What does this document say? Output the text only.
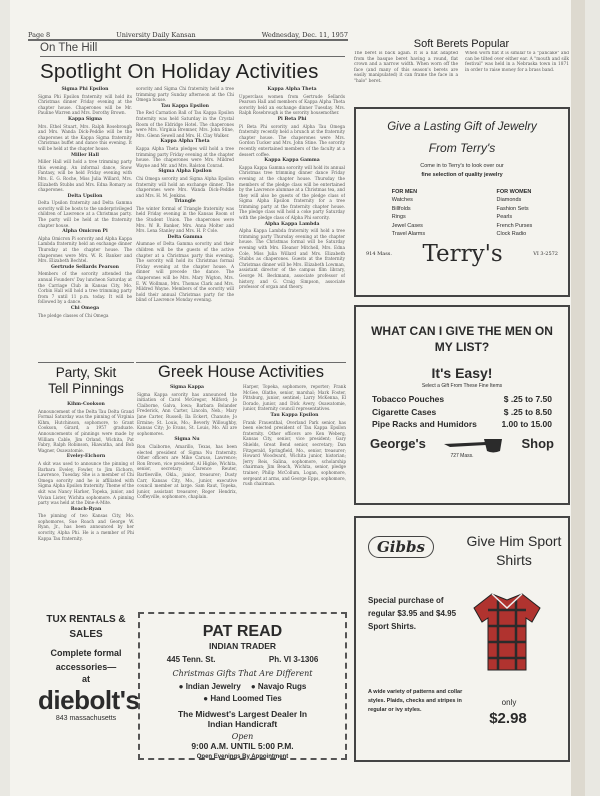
Page 8	University Daily Kansan	Wednesday, Dec. 11, 1957
On The Hill
Spotlight On Holiday Activities
Sigma Phi Epsilon

Sigma Phi Epsilon fraternity will hold its Christmas dinner Friday evening at the chapter house. Chaperones will be Mr. Pauline Warren and Mrs. Dorothy Brown.

Kappa Sigma

Mrs. Ethel Stuart, Mrs. Ralph Rosebrough and Mrs. Wanda Dick-Peddie will be the chaperones at the Kappa Sigma fraternity Christmas buffet and dance this evening. It will be held at the chapter house.

Miller Hall

Miller Hall will hold a tree trimming party this evening. An informal dance, Snow Fantasy, will be held Friday evening with Mrs. E. G. Roche, Miss Julia Willard, Mrs. Elizabeth Stubbs and Mrs. Edna Romary as chaperones.

Delta Upsilon

Delta Upsilon fraternity and Delta Gamma sorority will be hosts to the underprivileged children of Lawrence at a Christmas party. The party will be held at the fraternity chapter house.

Alpha Omicron Pi

Alpha Omicron Pi sorority and Alpha Kappa Lambda fraternity held an exchange dinner Thursday at the chapter house. The chaperones were Mrs. W. R. Banker and Mrs. Elizabeth Bechtel.

Gertrude Sellards Pearson

Members of the sorority attended the annual Founders' Day luncheon Saturday at the Carriage Club in Kansas City, Mo. Corbin Hall will hold a tree trimming party from 7 until 11 p.m. today. It will be followed by a dance.

Chi Omega

The pledge classes of Chi Omega

sorority and Sigma Chi fraternity held a tree trimming party Sunday afternoon at the Chi Omega house.

Tau Kappa Epsilon

The Red Carnation Ball of Tau Kappa Epsilon fraternity was held Saturday in the Crystal Room of the Eldridge Hotel. The chaperones were Mrs. Virginia Bremner, Mrs. John Stine, Mrs. Glenn Sewell and Mrs. H. Clay Walker.

Kappa Alpha Theta

Kappa Alpha Theta pledges will hold a tree trimming party Friday evening at the chapter house. The chaperones were Mrs. Mildred Wayne and Mr. and Mrs. Ralston Conrad.

Sigma Alpha Epsilon

Chi Omega sorority and Sigma Alpha Epsilon fraternity will hold an exchange dinner. The chaperones were Mrs. Wanda Dick-Peddie and Mrs. H. M. Jenkins.

Triangle

The winter formal of Triangle fraternity was held Friday evening in the Kansas Room of the Student Union. The chaperones were Mrs. W. R. Banker, Mrs. Anna Molter and Mrs. Lena Stanley and Mrs. H. P. Cole.

Delta Gamma

Alumnae of Delta Gamma sorority and their children will be the guests of the active chapter at a Christmas party this evening. The sorority will hold its Christmas formal Friday evening at the chapter house. A dinner will precede the dance. The chaperones will be Mrs. Mary Wigton, Mrs. E. W. Wollman, Mrs. Thomas Clark and Mrs. Mildred Wayne. Members of the sorority will hold their annual Christmas party for the blind of Lawrence Monday evening.

Kappa Alpha Theta

Upperclass women from Gertrude Sellards Pearson Hall and members of Kappa Alpha Theta sorority held an exchange dinner Tuesday. Mrs. Ralph Rosebrough is the sorority housemother.

Pi Beta Phi

Pi Beta Phi sorority and Alpha Tau Omega fraternity recently held a brunch at the fraternity chapter house. The chaperones were Mrs. Gordon Tucker and Mrs. John Stine. The sorority recently entertained members of the faculty at a dessert coffee.

Kappa Kappa Gamma

Kappa Kappa Gamma sorority will hold its annual Christmas tree trimming dinner dance Friday evening at the chapter house. Thursday the members of the pledge class will be entertained by the Lawrence alumnae at a Christmas tea, and they will also be guests of the pledge class of Sigma Alpha Epsilon fraternity for a tree trimming party at the fraternity chapter house. The pledge class will hold a coke party Saturday with the pledge class of Alpha Phi sorority.

Alpha Kappa Lambda

Alpha Kappa Lambda fraternity will hold a tree trimming party Thursday evening at the chapter house. The Christmas formal will be Saturday evening with Mrs. Eleanor Mitchell, Mrs. Edna Cole, Miss Julia Willard and Mrs. Elizabeth Stubbs as chaperones. Guests at the fraternity Christmas dinner will be Mrs. Elizabeth Lowman, assistant director of the campus film library, George M. Beckmann, associate professor of history, and G. Craig Simpson, associate professor of organ and theory.

Party, Skit
Tell Pinnings
Kihm-Cookson

Announcement of the Delta Tau Delta Grand Formal Saturday was the pinning of Virginia Kihm, Hutchinson, sophomore, to Grant Cookson, Girard, a 1957 graduate. Announcements of pinnings were made by William Cable, Jim Orland, Wichita, Pat Fabry, Ralph Robinson, Hiawatha, and Bob Wagner, Osawatomie.

Eveley-Eichorn

A skit was used to announce the pinning of Barbara Eveley, Fowler, to Jim Eichorn, Lawrence, Tuesday. She is a member of Chi Omega sorority and he is affiliated with Sigma Alpha Epsilon fraternity. Theme of the skit was Nancy Harker, Topeka, junior, and Vivian Lister, Wichita sophomore. A pinning party was held at the Dine-A-Mite.

Roach-Ryan

The pinning of two Kansas City, Mo. sophomores, Sue Roach and George W. Ryan, Jr., has been announced by her sorority, Alpha Phi. He is a member of Phi Kappa Tau fraternity.

Greek House Activities
Sigma Kappa

Sigma Kappa sorority has announced the initiation of Carol McGregor, Milford; Jo Claiborne, Galva, Iowa; Barbara Bolander Frederick, Ann Carter, Lincoln, Neb.; Mary Jane Carter, Russell; Ila Eckert, Chanute; Jo Ermine; St. Louis, Mo.; Beverly Willoughby, Kansas City; Jo Evans, St. Louis, Mo. All are sophomores.

Sigma Nu

Ron Claiborne, Amarillo, Texas, has been elected president of Sigma Nu fraternity. Other officers are Mike Caruso, Lawrence; Ron Brown, vice president; Al Higbie, Wichita, senior, secretary; Clarence Reuter, Bartlesville, Okla., junior, treasurer; Dusty Carr, Kansas City, Mo., junior, executive council member at large. Sam Raut, Topeka, junior, assistant treasurer; Roger Hendrix, Coffeyville, sophomore, chaplain.

Harper, Topeka, sophomore, reporter; Frank McGee, Olathe, senior, marshal; Mark Foster, Pittsburg, junior, sentinel; Larry McKenna, El Dorado, junior, and Dick Avery, Osawatomie, junior, fraternity council representatives.

Tau Kappa Epsilon

Frank Frauenthal, Overland Park senior, has been elected president of Tau Kappa Epsilon fraternity. Other officers are Ken Weberg, Kansas City, senior, vice president; Gary Shields, Great Bend senior, secretary; Dan Fitzgerald, Springfield, Mo., senior, treasurer; Howard Woodward, Wichita junior, historian; Jerry Reis, Salina, sophomore, scholarship chairman; Jim Beach, Wichita, senior, pledge trainer; Philip McCollum, Logan, sophomore, sergeant at arms, and George Epps, sophomore, rush chairman.

TUX RENTALS &
SALES
Complete formal
accessories—
at
diebolt's
843 massachusetts
PAT READ
INDIAN TRADER
445 Tenn. St.	Ph. VI 3-1306
Christmas Gifts That Are Different
● Indian Jewelry ● Navajo Rugs
● Hand Loomed Ties
The Midwest's Largest Dealer In
Indian Handicraft
Open
9:00 A.M. UNTIL 5:00 P.M.
Open Evenings By Appointment
Soft Berets Popular

The beret is back again. It is a hat adapted from the basque beret having a round, flat crown and a narrow width. When worn off the face (and many of this season's berets are easily manipulated) it can frame the face in a "halo" beret.

When worn flat it is similar to a "pancake" and can be tilted over either ear. A "mouth and silk festival" was held in a Nebraska town in 1871 in order to raise money for a brass band.

Give a Lasting Gift of Jewelry
From Terry's
Come in to Terry's to look over our
fine selection of quality jewelry
FOR MEN
Watches
Billfolds
Rings
Jewel Cases
Travel Alarms
FOR WOMEN
Diamonds
Fashion Sets
Pearls
French Purses
Clock Radio
914 Mass. Terry's	VI 3-2572
WHAT CAN I GIVE THE MEN ON MY LIST?
It's Easy!
Select a Gift From These Fine Items
Tobacco Pouches	$ .25 to 7.50
Cigarette Cases	$ .25 to 8.50
Pipe Racks and Humidors	1.00 to 15.00
George's	Shop
727 Mass.
Gibbs	Give Him Sport Shirts
Special purchase of regular $3.95 and $4.95 Sport Shirts.
A wide variety of patterns and collar styles. Plaids, checks and stripes in regular or ivy styles.
only
$2.98
